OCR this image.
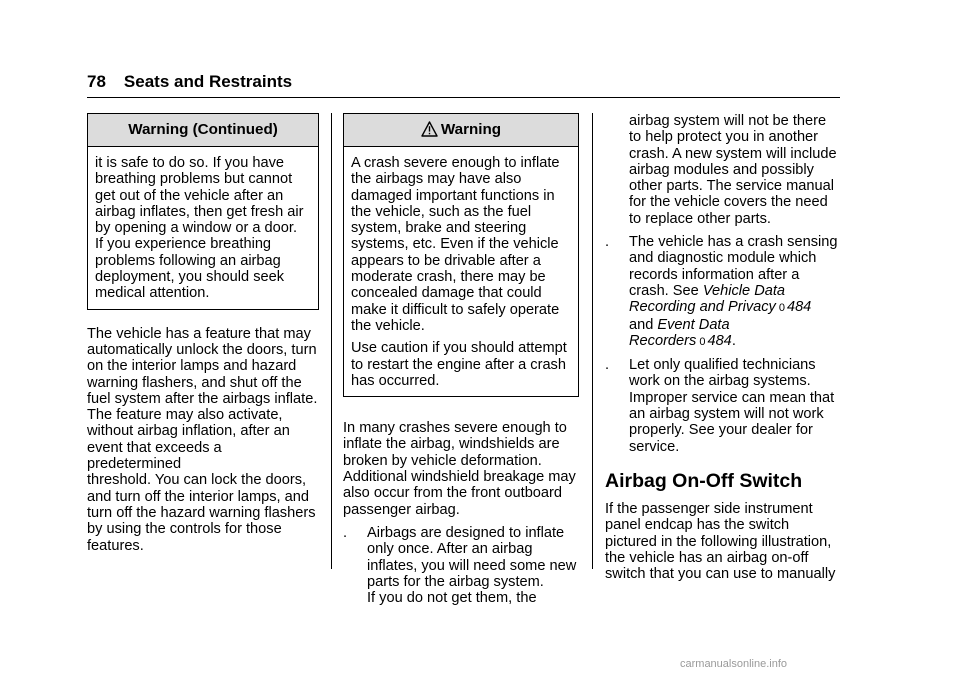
78 Seats and Restraints
Warning (Continued)
it is safe to do so. If you have
breathing problems but cannot
get out of the vehicle after an
airbag inflates, then get fresh air
by opening a window or a door.
If you experience breathing
problems following an airbag
deployment, you should seek
medical attention.
The vehicle has a feature that may
automatically unlock the doors, turn
on the interior lamps and hazard
warning flashers, and shut off the
fuel system after the airbags inflate.
The feature may also activate,
without airbag inflation, after an
event that exceeds a predetermined
threshold. You can lock the doors,
and turn off the interior lamps, and
turn off the hazard warning flashers
by using the controls for those
features.
Warning
A crash severe enough to inflate
the airbags may have also
damaged important functions in
the vehicle, such as the fuel
system, brake and steering
systems, etc. Even if the vehicle
appears to be drivable after a
moderate crash, there may be
concealed damage that could
make it difficult to safely operate
the vehicle.
Use caution if you should attempt
to restart the engine after a crash
has occurred.
In many crashes severe enough to
inflate the airbag, windshields are
broken by vehicle deformation.
Additional windshield breakage may
also occur from the front outboard
passenger airbag.
.	Airbags are designed to inflate
only once. After an airbag
inflates, you will need some new
parts for the airbag system.
If you do not get them, the
airbag system will not be there
to help protect you in another
crash. A new system will include
airbag modules and possibly
other parts. The service manual
for the vehicle covers the need
to replace other parts.
.	The vehicle has a crash sensing
and diagnostic module which
records information after a
crash. See Vehicle Data
Recording and Privacy 0 484
and Event Data
Recorders 0 484.
.	Let only qualified technicians
work on the airbag systems.
Improper service can mean that
an airbag system will not work
properly. See your dealer for
service.
Airbag On-Off Switch
If the passenger side instrument
panel endcap has the switch
pictured in the following illustration,
the vehicle has an airbag on-off
switch that you can use to manually
carmanualsonline.info
